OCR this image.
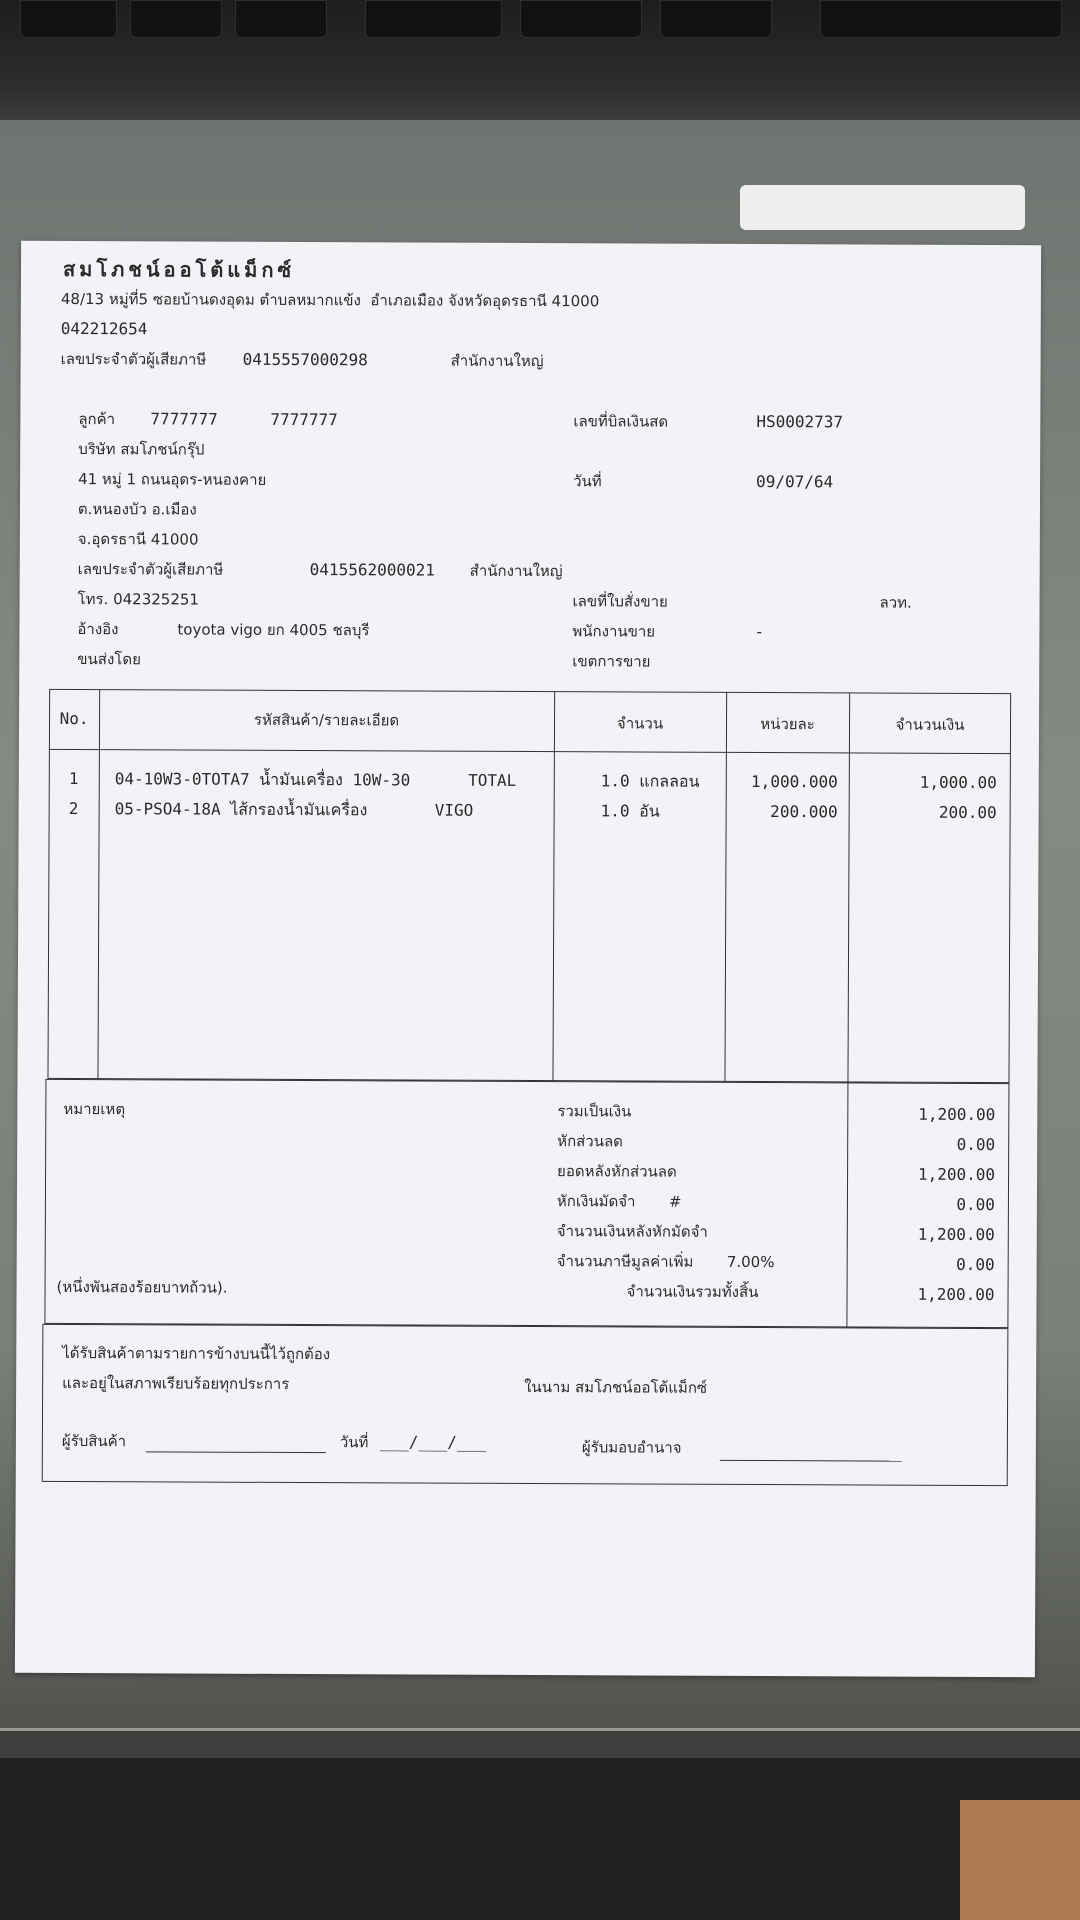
สมโภชน์ออโต้แม็กซ์
48/13 หมู่ที่5 ซอยบ้านดงอุดม ตำบลหมากแข้ง  อำเภอเมือง จังหวัดอุดรธานี 41000
042212654
เลขประจำตัวผู้เสียภาษี 0415557000298	สำนักงานใหญ่
ลูกค้า 7777777	7777777
บริษัท สมโภชน์กรุ๊ป
41 หมู่ 1 ถนนอุดร-หนองคาย
ต.หนองบัว อ.เมือง
จ.อุดรธานี 41000
เลขประจำตัวผู้เสียภาษี	0415562000021 สำนักงานใหญ่
โทร. 042325251
อ้างอิง	toyota vigo ยก 4005 ชลบุรี
ขนส่งโดย
เลขที่บิลเงินสด	HS0002737
วันที่	09/07/64
เลขที่ใบสั่งขาย	ลวท.
พนักงานขาย	-
เขตการขาย
No.	รหัสสินค้า/รายละเอียด	จำนวน	หน่วยละ	จำนวนเงิน
1	04-10W3-0TOTA7 น้ำมันเครื่อง 10W-30      TOTAL	1.0 แกลลอน	1,000.000	1,000.00
2	05-PSO4-18A ไส้กรองน้ำมันเครื่อง       VIGO	1.0 อัน	200.000	200.00
หมายเหตุ
(หนึ่งพันสองร้อยบาทถ้วน).
รวมเป็นเงิน	1,200.00
หักส่วนลด	0.00
ยอดหลังหักส่วนลด	1,200.00
หักเงินมัดจำ       #	0.00
จำนวนเงินหลังหักมัดจำ	1,200.00
จำนวนภาษีมูลค่าเพิ่ม       7.00%	0.00
จำนวนเงินรวมทั้งสิ้น	1,200.00
ได้รับสินค้าตามรายการข้างบนนี้ไว้ถูกต้อง
และอยู่ในสภาพเรียบร้อยทุกประการ	ในนาม สมโภชน์ออโต้แม็กซ์
ผู้รับสินค้า	วันที่ ___/___/___	ผู้รับมอบอำนาจ
